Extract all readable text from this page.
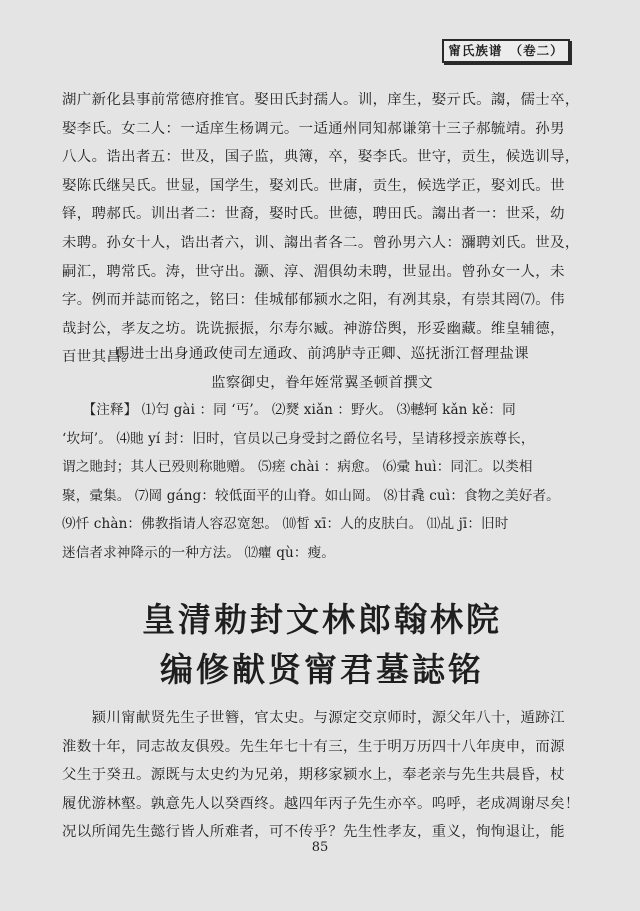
甯氏族谱　（卷二）
湖广新化县事前常德府推官。娶田氏封孺人。训，庠生，娶亓氏。謅，儒士卒，
娶李氏。女二人：一适庠生杨调元。一适通州同知郝谦第十三子郝毓靖。孙男
八人。诰出者五：世及，国子监，典簿，卒，娶李氏。世守，贡生，候选训导，
娶陈氏继吴氏。世显，国学生，娶刘氏。世庸，贡生，候选学正，娶刘氏。世
铎，聘郝氏。训出者二：世裔，娶时氏。世德，聘田氏。謅出者一：世采，幼
未聘。孙女十人，诰出者六，训、謅出者各二。曾孙男六人：瀰聘刘氏。世及，
嗣汇，聘常氏。涛，世守出。灏、淳、湄俱幼未聘，世显出。曾孙女一人，未
字。例而并誌而铭之，铭曰：佳城郁郁颍水之阳，有冽其泉，有崇其罔⑺。伟
哉封公，孝友之坊。诜诜振振，尔寿尔臧。神游岱舆，形妥幽藏。维皇辅德，
百世其昌。
赐进士出身通政使司左通政、前鸿胪寺正卿、巡抚浙江督理盐课
监察御史，眷年姪常翼圣顿首撰文
　　【注释】 ⑴匄 gài ：同 ‘丐’。 ⑵燹 xiǎn ：野火。 ⑶轗轲 kǎn kě：同
‘坎坷’。 ⑷貤 yí 封：旧时，官员以己身受封之爵位名号，呈请移授亲族尊长，
谓之貤封；其人已殁则称貤赠。 ⑸瘥 chài ：病愈。 ⑹彚 huì：同汇。以类相
聚，彚集。 ⑺岡 gáng：较低面平的山脊。如山岡。 ⑻甘毳 cuì：食物之美好者。
⑼忏 chàn：佛教指请人容忍宽恕。 ⑽皙 xī：人的皮肤白。 ⑾乩 jī：旧时
迷信者求神降示的一种方法。 ⑿癯 qù：瘦。
皇清勅封文林郎翰林院
编修献贤甯君墓誌铭
　　颍川甯献贤先生子世簪，官太史。与源定交京师时，源父年八十，遁跡江
淮数十年，同志故友俱殁。先生年七十有三，生于明万历四十八年庚申，而源
父生于癸丑。源既与太史约为兄弟，期移家颍水上，奉老亲与先生共晨昏，杖
履优游林壑。孰意先人以癸酉终。越四年丙子先生亦卒。呜呼，老成凋谢尽矣！
况以所闻先生懿行皆人所难者，可不传乎？先生性孝友，重义，恂恂退让，能
85
